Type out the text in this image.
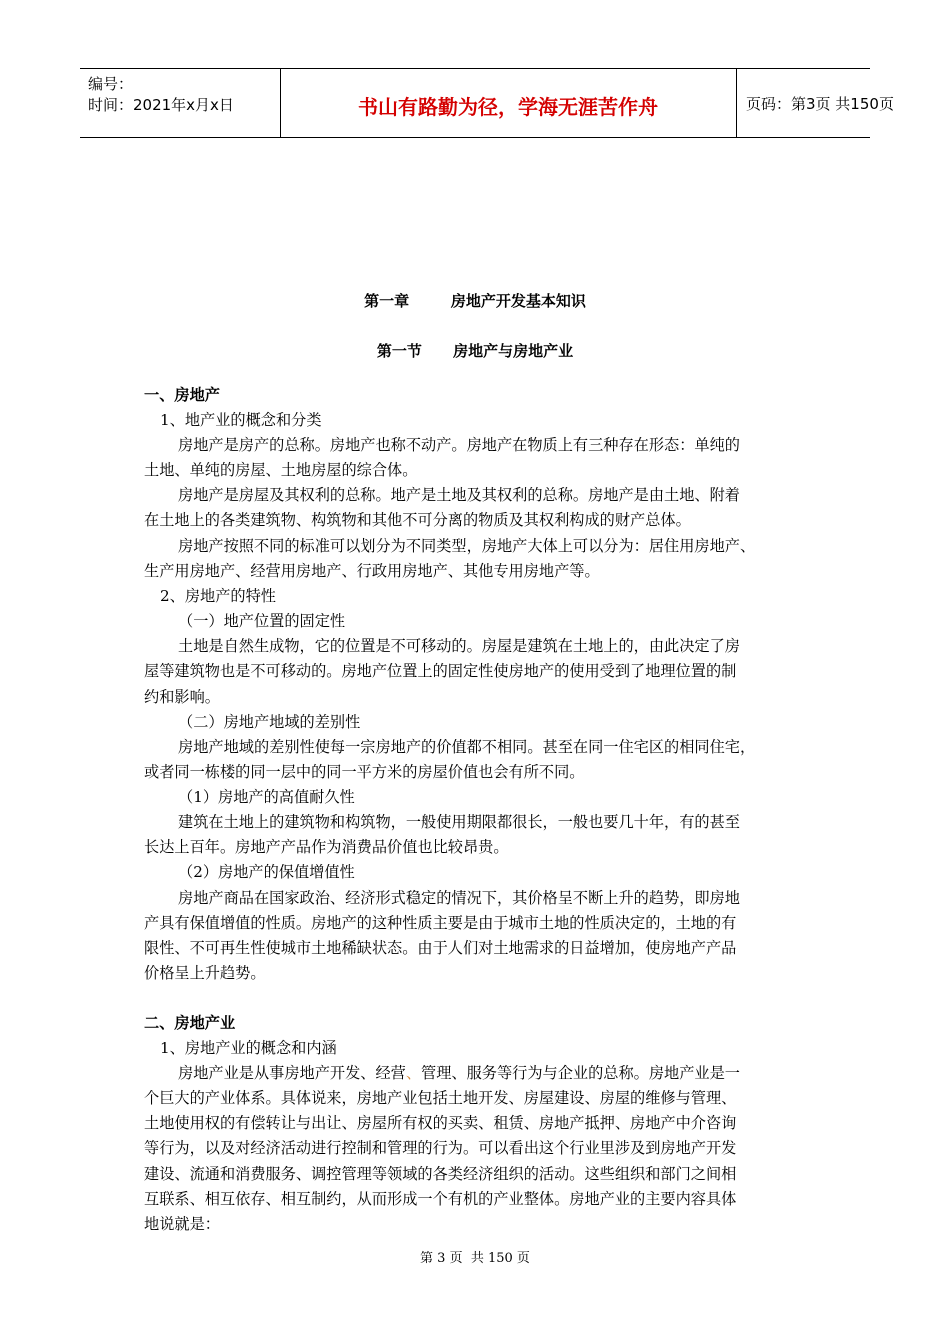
编号：
时间：2021年x月x日	书山有路勤为径，学海无涯苦作舟	页码：第3页 共150页
第一章        房地产开发基本知识
第一节      房地产与房地产业
一、房地产
1、地产业的概念和分类
房地产是房产的总称。房地产也称不动产。房地产在物质上有三种存在形态：单纯的
土地、单纯的房屋、土地房屋的综合体。
房地产是房屋及其权利的总称。地产是土地及其权利的总称。房地产是由土地、附着
在土地上的各类建筑物、构筑物和其他不可分离的物质及其权利构成的财产总体。
房地产按照不同的标准可以划分为不同类型，房地产大体上可以分为：居住用房地产、
生产用房地产、经营用房地产、行政用房地产、其他专用房地产等。
2、房地产的特性
（一）地产位置的固定性
土地是自然生成物，它的位置是不可移动的。房屋是建筑在土地上的，由此决定了房
屋等建筑物也是不可移动的。房地产位置上的固定性使房地产的使用受到了地理位置的制
约和影响。
（二）房地产地域的差别性
房地产地域的差别性使每一宗房地产的价值都不相同。甚至在同一住宅区的相同住宅，
或者同一栋楼的同一层中的同一平方米的房屋价值也会有所不同。
（1）房地产的高值耐久性
建筑在土地上的建筑物和构筑物，一般使用期限都很长，一般也要几十年，有的甚至
长达上百年。房地产产品作为消费品价值也比较昂贵。
（2）房地产的保值增值性
房地产商品在国家政治、经济形式稳定的情况下，其价格呈不断上升的趋势，即房地
产具有保值增值的性质。房地产的这种性质主要是由于城市土地的性质决定的，土地的有
限性、不可再生性使城市土地稀缺状态。由于人们对土地需求的日益增加，使房地产产品
价格呈上升趋势。
二、房地产业
1、房地产业的概念和内涵
房地产业是从事房地产开发、经营、管理、服务等行为与企业的总称。房地产业是一
个巨大的产业体系。具体说来，房地产业包括土地开发、房屋建设、房屋的维修与管理、
土地使用权的有偿转让与出让、房屋所有权的买卖、租赁、房地产抵押、房地产中介咨询
等行为，以及对经济活动进行控制和管理的行为。可以看出这个行业里涉及到房地产开发
建设、流通和消费服务、调控管理等领域的各类经济组织的活动。这些组织和部门之间相
互联系、相互依存、相互制约，从而形成一个有机的产业整体。房地产业的主要内容具体
地说就是：
第 3 页  共 150 页
